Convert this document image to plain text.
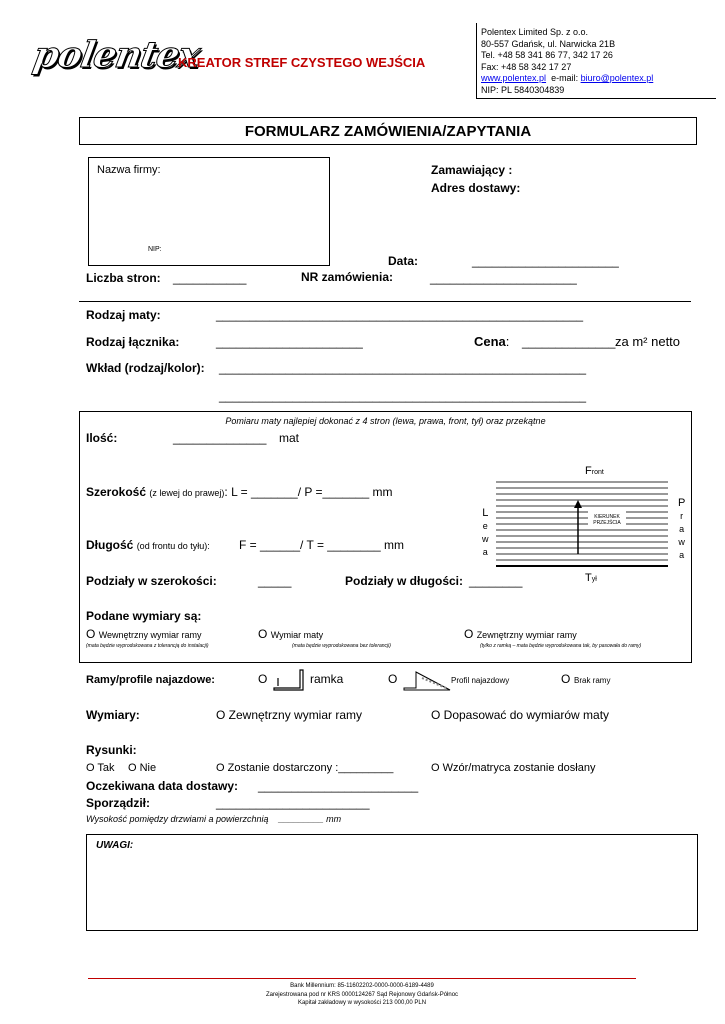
polentex
KREATOR STREF CZYSTEGO WEJŚCIA
Polentex Limited Sp. z o.o.
80-557 Gdańsk, ul. Narwicka 21B
Tel. +48 58 341 86 77, 342 17 26
Fax: +48 58 342 17 27
www.polentex.pl e-mail: biuro@polentex.pl
NIP: PL 5840304839
FORMULARZ ZAMÓWIENIA/ZAPYTANIA
Nazwa firmy:
NIP:
Zamawiający :
Adres dostawy:
Data:	______________________
Liczba stron: ___________	NR zamówienia:	______________________
Rodzaj maty:	_______________________________________________________
Rodzaj łącznika:	______________________	Cena: ______________ za m² netto
Wkład (rodzaj/kolor): _______________________________________________________
_______________________________________________________
Pomiaru maty najlepiej dokonać z 4 stron (lewa, prawa, front, tył) oraz przekątne
Ilość:	______________ mat
Szerokość (z lewej do prawej): L = _______/ P =_______ mm
Długość (od frontu do tyłu): F = ______/ T = ________ mm
Front
Tył
L
e
w
a
P
r
a
w
a
KIERUNEK PRZEJŚCIA
Podziały w szerokości:	_____	Podziały w długości: ________
Podane wymiary są:
O Wewnętrzny wymiar ramy
(mata będzie wyprodukowana z tolerancją do instalacji)
O Wymiar maty
(mata będzie wyprodukowana bez tolerancji)
O Zewnętrzny wymiar ramy
(tylko z ramką – mata będzie wyprodukowana tak, by pasowała do ramy)
Ramy/profile najazdowe:	O	ramka	O	Profil najazdowy	O Brak ramy
Wymiary:	O Zewnętrzny wymiar ramy	O Dopasować do wymiarów maty
Rysunki:
O Tak O Nie	O Zostanie dostarczony :_________	O Wzór/matryca zostanie dosłany
Oczekiwana data dostawy: ________________________
Sporządził:	_______________________
Wysokość pomiędzy drzwiami a powierzchnią _________ mm
UWAGI:
Bank Millennium: 85-11602202-0000-0000-6189-4489
Zarejestrowana pod nr KRS 0000124267 Sąd Rejonowy Gdańsk-Północ
Kapitał zakładowy w wysokości 213 000,00 PLN
